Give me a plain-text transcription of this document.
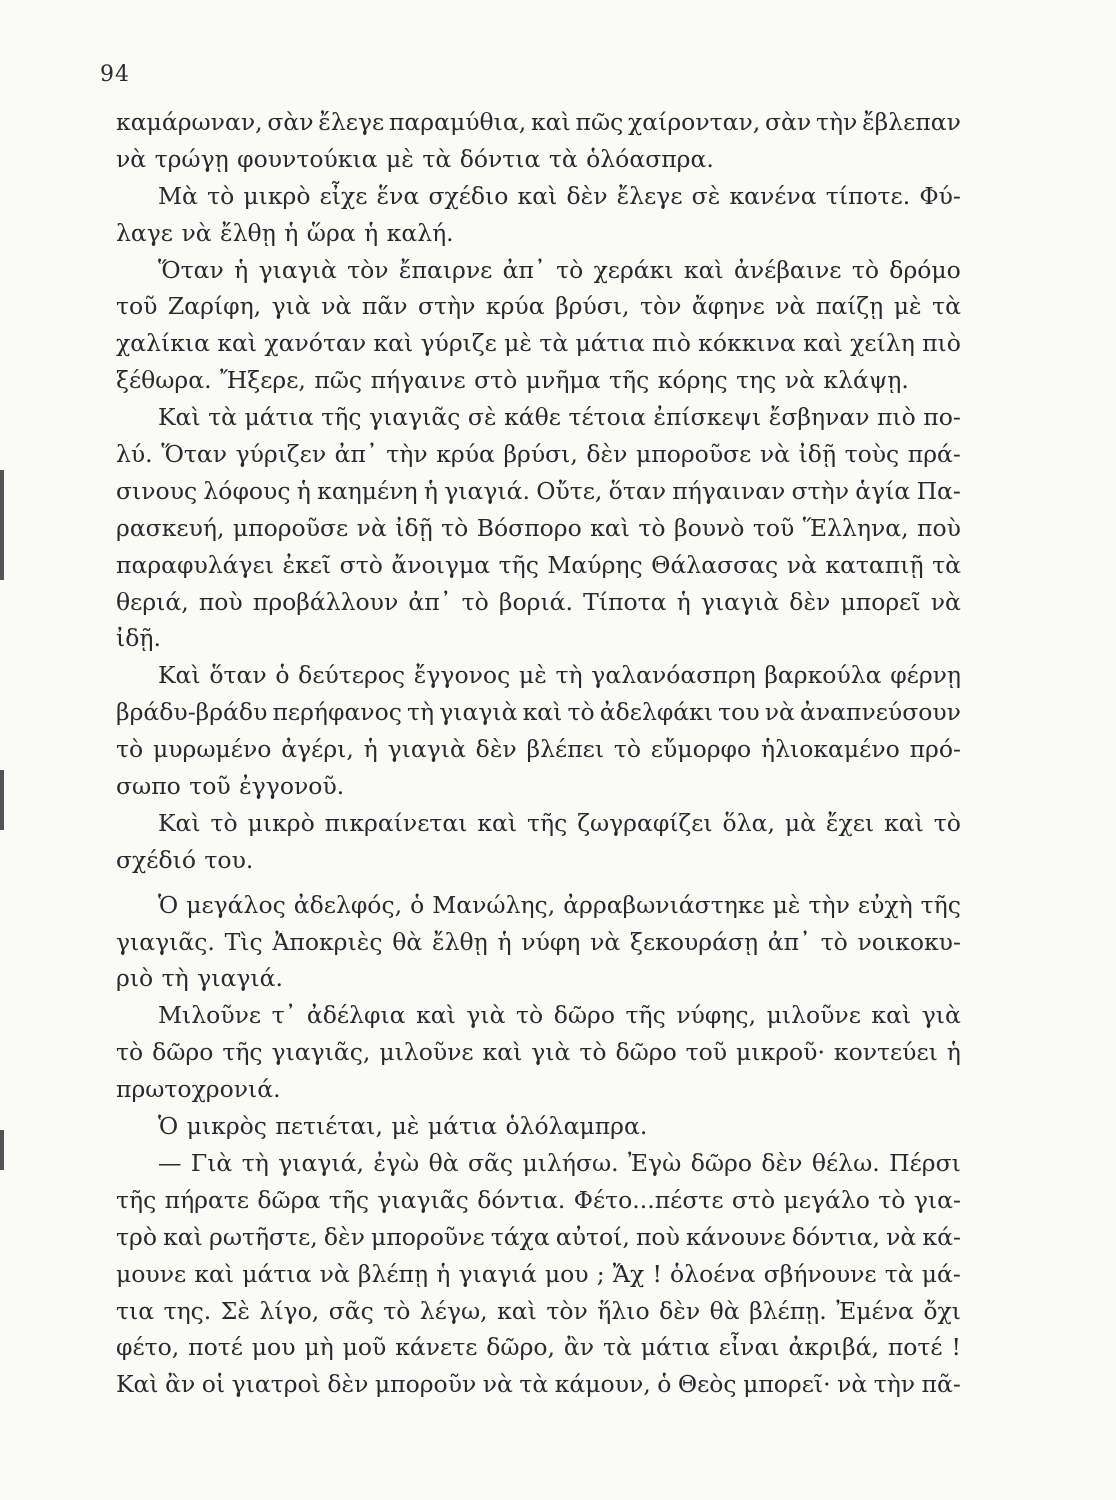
94
καμάρωναν, σὰν ἔλεγε παραμύθια, καὶ πῶς χαίρονταν, σὰν τὴν ἔβλεπαν
νὰ τρώγῃ φουντούκια μὲ τὰ δόντια τὰ ὁλόασπρα.
Μὰ τὸ μικρὸ εἶχε ἕνα σχέδιο καὶ δὲν ἔλεγε σὲ κανένα τίποτε. Φύ-
λαγε νὰ ἔλθῃ ἡ ὥρα ἡ καλή.
Ὅταν ἡ γιαγιὰ τὸν ἔπαιρνε ἀπ᾽ τὸ χεράκι καὶ ἀνέβαινε τὸ δρόμο
τοῦ Ζαρίφη, γιὰ νὰ πᾶν στὴν κρύα βρύσι, τὸν ἄφηνε νὰ παίζῃ μὲ τὰ
χαλίκια καὶ χανόταν καὶ γύριζε μὲ τὰ μάτια πιὸ κόκκινα καὶ χείλη πιὸ
ξέθωρα. Ἤξερε, πῶς πήγαινε στὸ μνῆμα τῆς κόρης της νὰ κλάψῃ.
Καὶ τὰ μάτια τῆς γιαγιᾶς σὲ κάθε τέτοια ἐπίσκεψι ἔσβηναν πιὸ πο-
λύ. Ὅταν γύριζεν ἀπ᾽ τὴν κρύα βρύσι, δὲν μποροῦσε νὰ ἰδῇ τοὺς πρά-
σινους λόφους ἡ καημένη ἡ γιαγιά. Οὔτε, ὅταν πήγαιναν στὴν ἁγία Πα-
ρασκευή, μποροῦσε νὰ ἰδῇ τὸ Βόσπορο καὶ τὸ βουνὸ τοῦ Ἕλληνα, ποὺ
παραφυλάγει ἐκεῖ στὸ ἄνοιγμα τῆς Μαύρης Θάλασσας νὰ καταπιῇ τὰ
θεριά, ποὺ προβάλλουν ἀπ᾽ τὸ βοριά. Τίποτα ἡ γιαγιὰ δὲν μπορεῖ νὰ
ἰδῇ.
Καὶ ὅταν ὁ δεύτερος ἔγγονος μὲ τὴ γαλανόασπρη βαρκούλα φέρνῃ
βράδυ-βράδυ περήφανος τὴ γιαγιὰ καὶ τὸ ἀδελφάκι του νὰ ἀναπνεύσουν
τὸ μυρωμένο ἀγέρι, ἡ γιαγιὰ δὲν βλέπει τὸ εὔμορφο ἡλιοκαμένο πρό-
σωπο τοῦ ἐγγονοῦ.
Καὶ τὸ μικρὸ πικραίνεται καὶ τῆς ζωγραφίζει ὅλα, μὰ ἔχει καὶ τὸ
σχέδιό του.
Ὁ μεγάλος ἀδελφός, ὁ Μανώλης, ἀρραβωνιάστηκε μὲ τὴν εὐχὴ τῆς
γιαγιᾶς. Τὶς Ἀποκριὲς θὰ ἔλθῃ ἡ νύφη νὰ ξεκουράσῃ ἀπ᾽ τὸ νοικοκυ-
ριὸ τὴ γιαγιά.
Μιλοῦνε τ᾽ ἀδέλφια καὶ γιὰ τὸ δῶρο τῆς νύφης, μιλοῦνε καὶ γιὰ
τὸ δῶρο τῆς γιαγιᾶς, μιλοῦνε καὶ γιὰ τὸ δῶρο τοῦ μικροῦ· κοντεύει ἡ
πρωτοχρονιά.
Ὁ μικρὸς πετιέται, μὲ μάτια ὁλόλαμπρα.
— Γιὰ τὴ γιαγιά, ἐγὼ θὰ σᾶς μιλήσω. Ἐγὼ δῶρο δὲν θέλω. Πέρσι
τῆς πήρατε δῶρα τῆς γιαγιᾶς δόντια. Φέτο...πέστε στὸ μεγάλο τὸ για-
τρὸ καὶ ρωτῆστε, δὲν μποροῦνε τάχα αὐτοί, ποὺ κάνουνε δόντια, νὰ κά-
μουνε καὶ μάτια νὰ βλέπῃ ἡ γιαγιά μου ; Ἄχ ! ὁλοένα σβήνουνε τὰ μά-
τια της. Σὲ λίγο, σᾶς τὸ λέγω, καὶ τὸν ἥλιο δὲν θὰ βλέπῃ. Ἐμένα ὄχι
φέτο, ποτέ μου μὴ μοῦ κάνετε δῶρο, ἂν τὰ μάτια εἶναι ἀκριβά, ποτέ !
Καὶ ἂν οἱ γιατροὶ δὲν μποροῦν νὰ τὰ κάμουν, ὁ Θεὸς μπορεῖ· νὰ τὴν πᾶ-
